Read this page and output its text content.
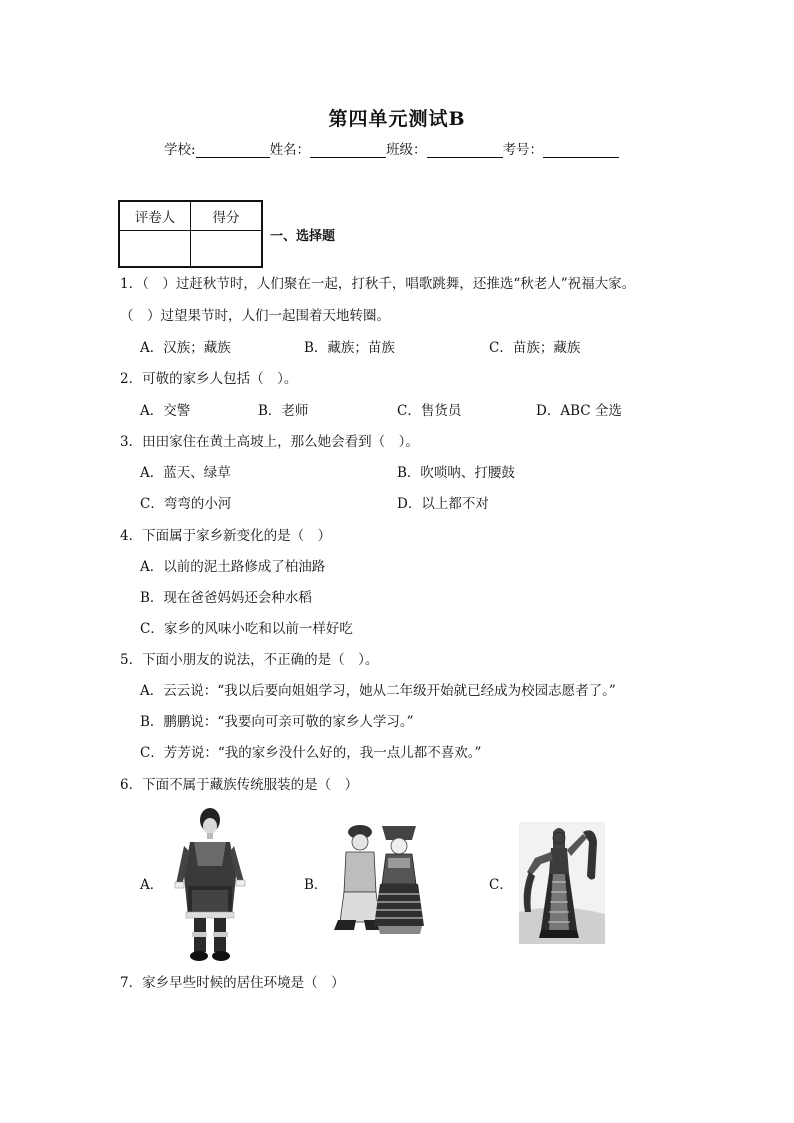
第四单元测试B
学校:	姓名：	班级：	考号：
评卷人	得分

一、选择题
1．（　）过赶秋节时，人们聚在一起，打秋千，唱歌跳舞，还推选“秋老人”祝福大家。
（　）过望果节时，人们一起围着天地转圈。
A．汉族；藏族	B．藏族；苗族	C．苗族；藏族
2．可敬的家乡人包括（　）。
A．交警	B．老师	C．售货员	D．ABC 全选
3．田田家住在黄土高坡上，那么她会看到（　）。
A．蓝天、绿草	B．吹唢呐、打腰鼓
C．弯弯的小河	D．以上都不对
4．下面属于家乡新变化的是（　）
A．以前的泥土路修成了柏油路
B．现在爸爸妈妈还会种水稻
C．家乡的风味小吃和以前一样好吃
5．下面小朋友的说法，不正确的是（　）。
A．云云说：“我以后要向姐姐学习，她从二年级开始就已经成为校园志愿者了。”
B．鹏鹏说：“我要向可亲可敬的家乡人学习。”
C．芳芳说：“我的家乡没什么好的，我一点儿都不喜欢。”
6．下面不属于藏族传统服装的是（　）
A．	B．	C．
7．家乡早些时候的居住环境是（　）
